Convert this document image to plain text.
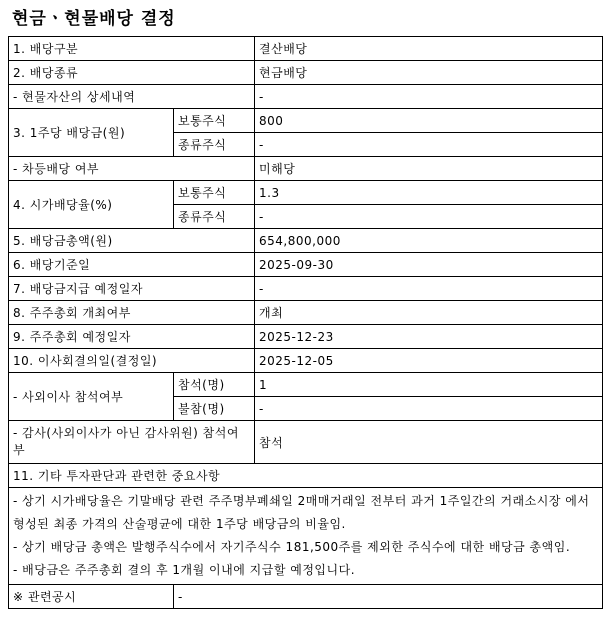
현금ㆍ현물배당 결정
1. 배당구분		결산배당
2. 배당종류		현금배당
- 현물자산의 상세내역		-
3. 1주당 배당금(원)	보통주식	800
	종류주식	-
- 차등배당 여부		미해당
4. 시가배당율(%)	보통주식	1.3
	종류주식	-
5. 배당금총액(원)		654,800,000
6. 배당기준일		2025-09-30
7. 배당금지급 예정일자		-
8. 주주총회 개최여부		개최
9. 주주총회 예정일자		2025-12-23
10. 이사회결의일(결정일)		2025-12-05
- 사외이사 참석여부	참석(명)	1
	불참(명)	-
- 감사(사외이사가 아닌 감사위원) 참석여부		참석
11. 기타 투자판단과 관련한 중요사항		

- 상기 시가배당율은 기말배당 관련 주주명부폐쇄일 2매매거래일 전부터 과거 1주일간의 거래소시장 에서 형성된 최종 가격의 산술평균에 대한 1주당 배당금의 비율임.
- 상기 배당금 총액은 발행주식수에서 자기주식수 181,500주를 제외한 주식수에 대한 배당금 총액임.
- 배당금은 주주총회 결의 후 1개월 이내에 지급할 예정입니다.		

※ 관련공시	-	
